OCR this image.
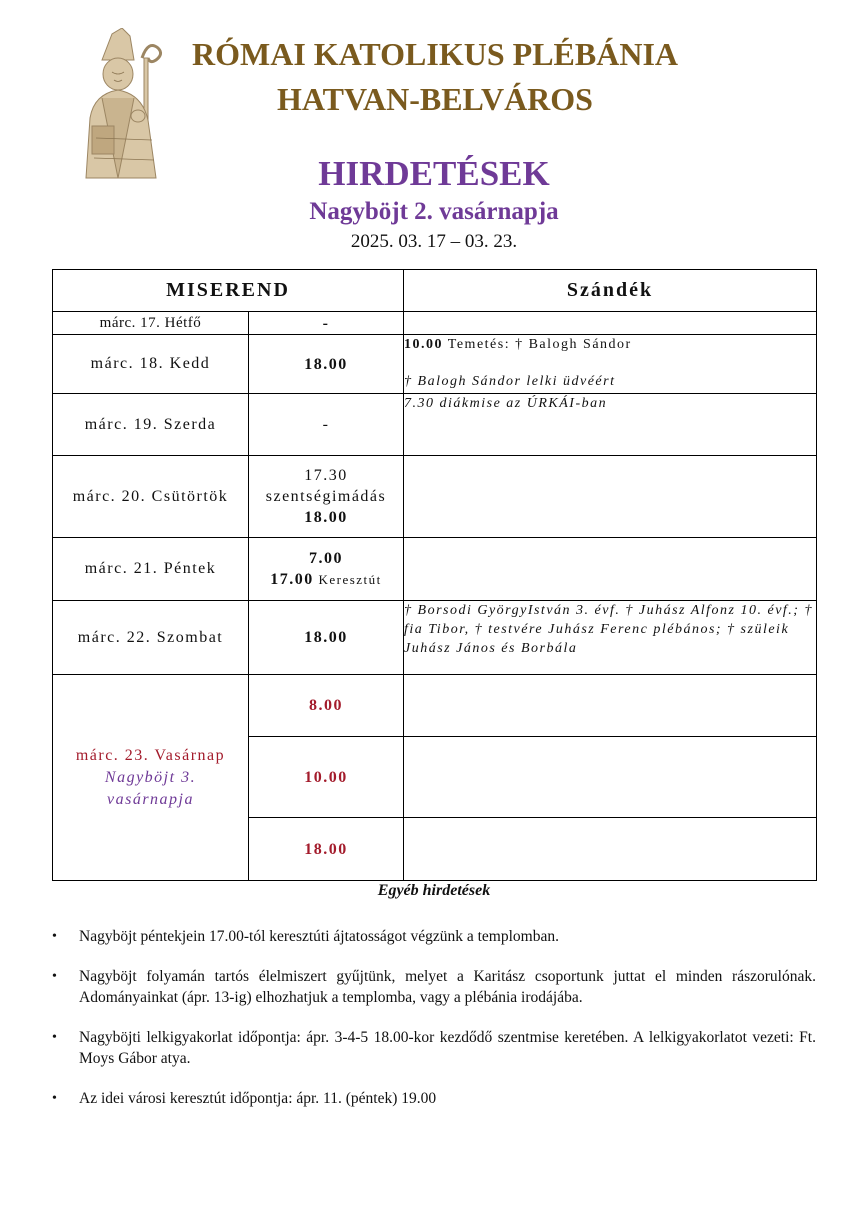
RÓMAI KATOLIKUS PLÉBÁNIA
HATVAN-BELVÁROS
HIRDETÉSEK
Nagyböjt 2. vasárnapja

2025. 03. 17 – 03. 23.

MISEREND		Szándék
márc. 17. Hétfő	-	
márc. 18. Kedd	18.00	10.00 Temetés: † Balogh Sándor
† Balogh Sándor lelki üdvéért

márc. 19. Szerda	-	7.30 diákmise az ÚRKÁI-ban
márc. 20. Csütörtök	17.30
szentségimádás
18.00	

márc. 21. Péntek	7.00
17.00 Keresztút	

márc. 22. Szombat	18.00	† Borsodi GyörgyIstván 3. évf. † Juhász Alfonz 10. évf.; † fia Tibor, † testvére Juhász Ferenc plébános; † szüleik Juhász János és Borbála

márc. 23. Vasárnap
Nagyböjt 3.
vasárnapja	8.00	
	10.00	
	18.00	

Egyéb hirdetések

• Nagyböjt péntekjein 17.00-tól keresztúti ájtatosságot végzünk a templomban.
• Nagyböjt folyamán tartós élelmiszert gyűjtünk, melyet a Karitász csoportunk juttat el minden rászorulónak. Adományainkat (ápr. 13-ig) elhozhatjuk a templomba, vagy a plébánia irodájába.
• Nagyböjti lelkigyakorlat időpontja: ápr. 3-4-5 18.00-kor kezdődő szentmise keretében. A lelkigyakorlatot vezeti: Ft. Moys Gábor atya.
• Az idei városi keresztút időpontja: ápr. 11. (péntek) 19.00
